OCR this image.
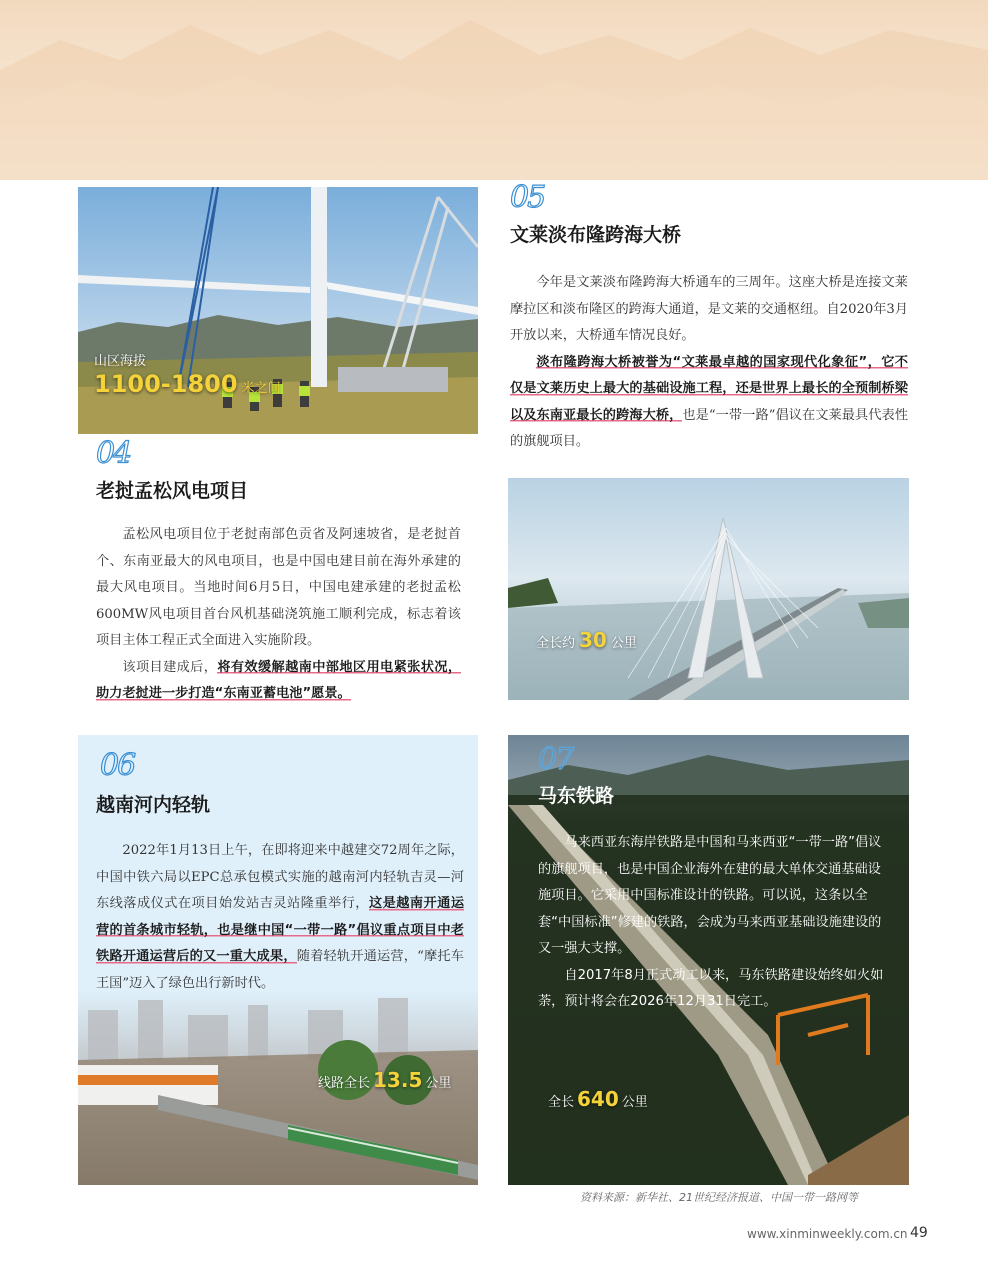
山区海拔
1100-1800 米之间
04
老挝孟松风电项目

孟松风电项目位于老挝南部色贡省及阿速坡省，是老挝首个、东南亚最大的风电项目，也是中国电建目前在海外承建的最大风电项目。当地时间6月5日，中国电建承建的老挝孟松600MW风电项目首台风机基础浇筑施工顺利完成，标志着该项目主体工程正式全面进入实施阶段。

该项目建成后，将有效缓解越南中部地区用电紧张状况，助力老挝进一步打造“东南亚蓄电池”愿景。

05
文莱淡布隆跨海大桥

今年是文莱淡布隆跨海大桥通车的三周年。这座大桥是连接文莱摩拉区和淡布隆区的跨海大通道，是文莱的交通枢纽。自2020年3月开放以来，大桥通车情况良好。

淡布隆跨海大桥被誉为“文莱最卓越的国家现代化象征”，它不仅是文莱历史上最大的基础设施工程，还是世界上最长的全预制桥梁以及东南亚最长的跨海大桥，也是“一带一路”倡议在文莱最具代表性的旗舰项目。

全长约 30 公里
06
越南河内轻轨

2022年1月13日上午，在即将迎来中越建交72周年之际，中国中铁六局以EPC总承包模式实施的越南河内轻轨吉灵—河东线落成仪式在项目始发站吉灵站隆重举行，这是越南开通运营的首条城市轻轨，也是继中国“一带一路”倡议重点项目中老铁路开通运营后的又一重大成果，随着轻轨开通运营，“摩托车王国”迈入了绿色出行新时代。

线路全长 13.5 公里
07
马东铁路

马来西亚东海岸铁路是中国和马来西亚“一带一路”倡议的旗舰项目，也是中国企业海外在建的最大单体交通基础设施项目。它采用中国标准设计的铁路。可以说，这条以全套“中国标准”修建的铁路，会成为马来西亚基础设施建设的又一强大支撑。

自2017年8月正式动工以来，马东铁路建设始终如火如荼，预计将会在2026年12月31日完工。

全长 640 公里
资料来源：新华社、21世纪经济报道、中国一带一路网等
www.xinminweekly.com.cn 49
